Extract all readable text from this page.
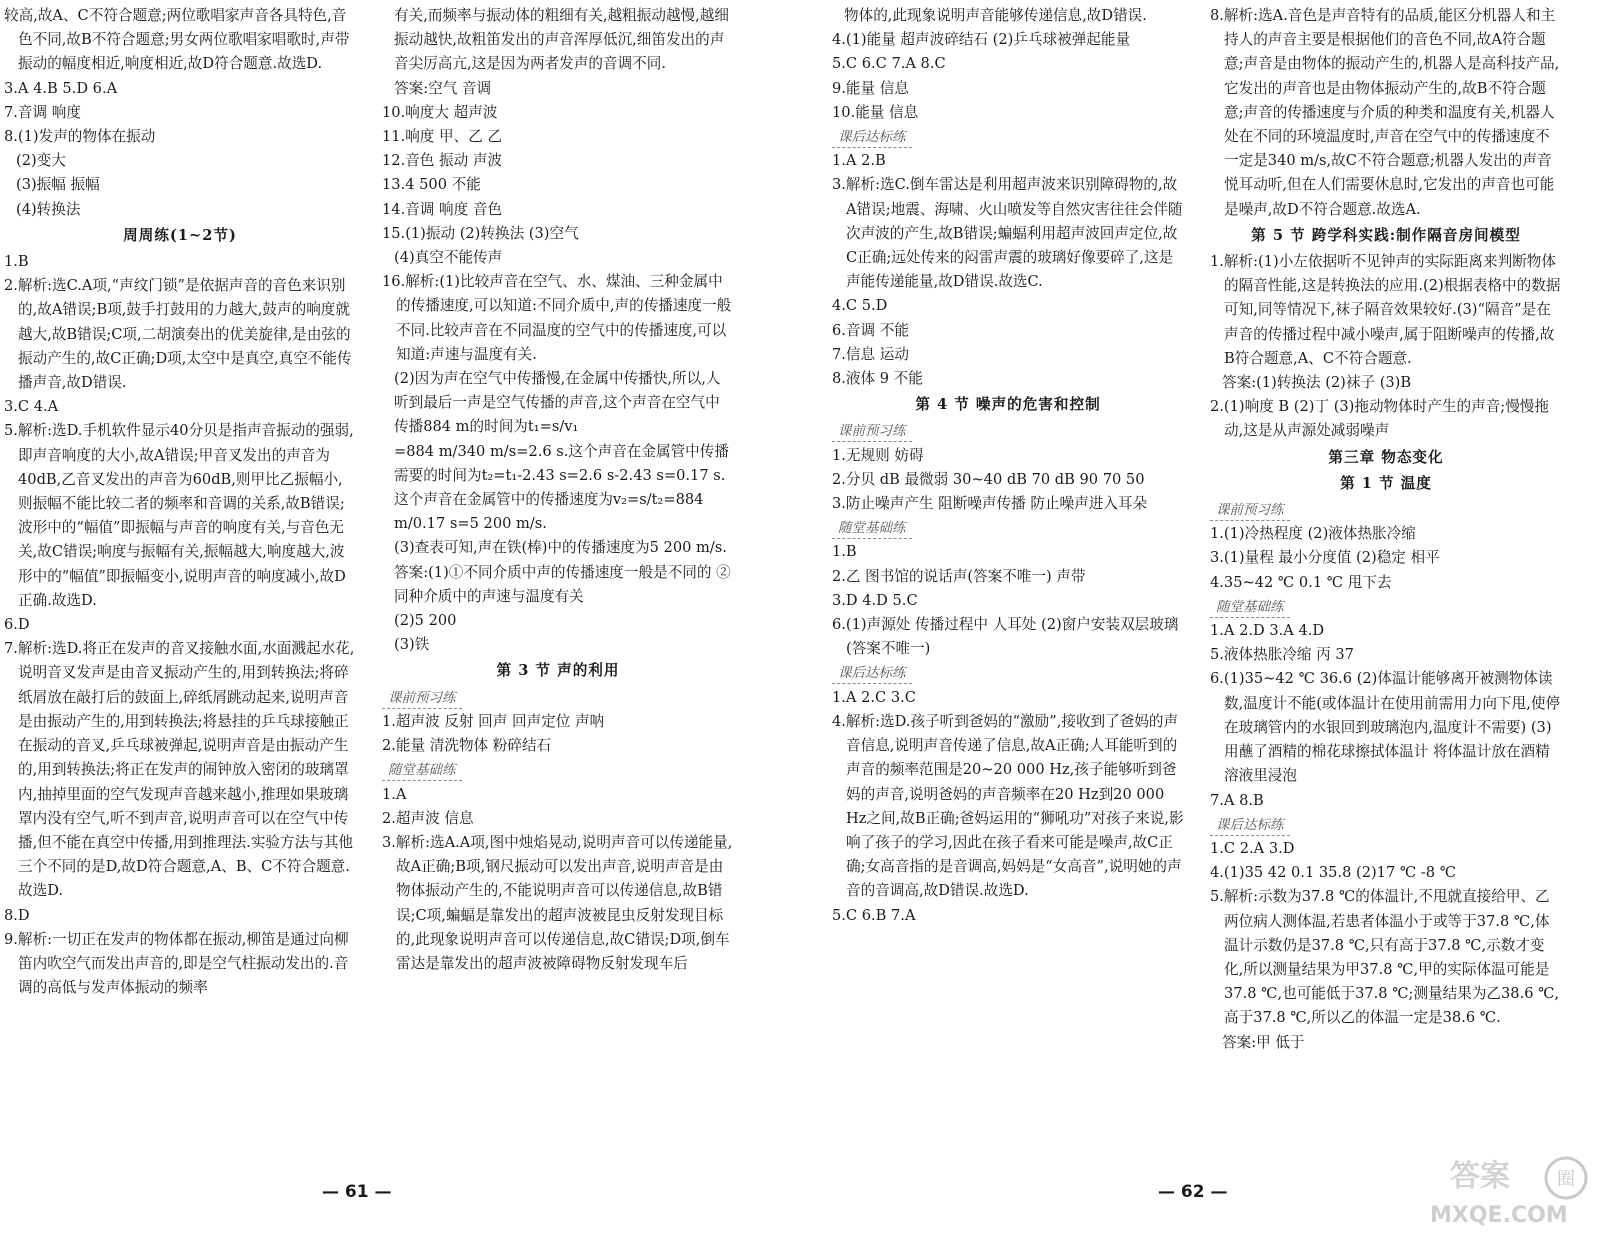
较高,故A、C不符合题意;两位歌唱家声音各具特色,音色不同,故B不符合题意;男女两位歌唱家唱歌时,声带振动的幅度相近,响度相近,故D符合题意.故选D.

3.A 4.B 5.D 6.A

7.音调 响度

8.(1)发声的物体在振动

(2)变大

(3)振幅 振幅

(4)转换法

周周练(1~2节)

1.B

2.解析:选C.A项,“声纹门锁”是依据声音的音色来识别的,故A错误;B项,鼓手打鼓用的力越大,鼓声的响度就越大,故B错误;C项,二胡演奏出的优美旋律,是由弦的振动产生的,故C正确;D项,太空中是真空,真空不能传播声音,故D错误.

3.C 4.A

5.解析:选D.手机软件显示40分贝是指声音振动的强弱,即声音响度的大小,故A错误;甲音叉发出的声音为40dB,乙音叉发出的声音为60dB,则甲比乙振幅小,则振幅不能比较二者的频率和音调的关系,故B错误;波形中的“幅值”即振幅与声音的响度有关,与音色无关,故C错误;响度与振幅有关,振幅越大,响度越大,波形中的“幅值”即振幅变小,说明声音的响度减小,故D正确.故选D.

6.D

7.解析:选D.将正在发声的音叉接触水面,水面溅起水花,说明音叉发声是由音叉振动产生的,用到转换法;将碎纸屑放在敲打后的鼓面上,碎纸屑跳动起来,说明声音是由振动产生的,用到转换法;将悬挂的乒乓球接触正在振动的音叉,乒乓球被弹起,说明声音是由振动产生的,用到转换法;将正在发声的闹钟放入密闭的玻璃罩内,抽掉里面的空气发现声音越来越小,推理如果玻璃罩内没有空气,听不到声音,说明声音可以在空气中传播,但不能在真空中传播,用到推理法.实验方法与其他三个不同的是D,故D符合题意,A、B、C不符合题意.故选D.

8.D

9.解析:一切正在发声的物体都在振动,柳笛是通过向柳笛内吹空气而发出声音的,即是空气柱振动发出的.音调的高低与发声体振动的频率

有关,而频率与振动体的粗细有关,越粗振动越慢,越细振动越快,故粗笛发出的声音浑厚低沉,细笛发出的声音尖厉高亢,这是因为两者发声的音调不同.

答案:空气 音调

10.响度大 超声波

11.响度 甲、乙 乙

12.音色 振动 声波

13.4 500 不能

14.音调 响度 音色

15.(1)振动 (2)转换法 (3)空气

(4)真空不能传声

16.解析:(1)比较声音在空气、水、煤油、三种金属中的传播速度,可以知道:不同介质中,声的传播速度一般不同.比较声音在不同温度的空气中的传播速度,可以知道:声速与温度有关.

(2)因为声在空气中传播慢,在金属中传播快,所以,人听到最后一声是空气传播的声音,这个声音在空气中传播884 m的时间为t₁=s/v₁

=884 m/340 m/s=2.6 s.这个声音在金属管中传播需要的时间为t₂=t₁-2.43 s=2.6 s-2.43 s=0.17 s.这个声音在金属管中的传播速度为v₂=s/t₂=884 m/0.17 s=5 200 m/s.

(3)查表可知,声在铁(棒)中的传播速度为5 200 m/s.

答案:(1)①不同介质中声的传播速度一般是不同的 ②同种介质中的声速与温度有关

(2)5 200

(3)铁

第 3 节 声的利用

课前预习练

1.超声波 反射 回声 回声定位 声呐

2.能量 清洗物体 粉碎结石

随堂基础练

1.A

2.超声波 信息

3.解析:选A.A项,图中烛焰晃动,说明声音可以传递能量,故A正确;B项,钢尺振动可以发出声音,说明声音是由物体振动产生的,不能说明声音可以传递信息,故B错误;C项,蝙蝠是靠发出的超声波被昆虫反射发现目标的,此现象说明声音可以传递信息,故C错误;D项,倒车雷达是靠发出的超声波被障碍物反射发现车后

物体的,此现象说明声音能够传递信息,故D错误.

4.(1)能量 超声波碎结石 (2)乒乓球被弹起能量

5.C 6.C 7.A 8.C

9.能量 信息

10.能量 信息

课后达标练

1.A 2.B

3.解析:选C.倒车雷达是利用超声波来识别障碍物的,故A错误;地震、海啸、火山喷发等自然灾害往往会伴随次声波的产生,故B错误;蝙蝠利用超声波回声定位,故C正确;远处传来的闷雷声震的玻璃好像要碎了,这是声能传递能量,故D错误.故选C.

4.C 5.D

6.音调 不能

7.信息 运动

8.液体 9 不能

第 4 节 噪声的危害和控制

课前预习练

1.无规则 妨碍

2.分贝 dB 最微弱 30~40 dB 70 dB 90 70 50

3.防止噪声产生 阻断噪声传播 防止噪声进入耳朵

随堂基础练

1.B

2.乙 图书馆的说话声(答案不唯一) 声带

3.D 4.D 5.C

6.(1)声源处 传播过程中 人耳处 (2)窗户安装双层玻璃(答案不唯一)

课后达标练

1.A 2.C 3.C

4.解析:选D.孩子听到爸妈的“激励”,接收到了爸妈的声音信息,说明声音传递了信息,故A正确;人耳能听到的声音的频率范围是20~20 000 Hz,孩子能够听到爸妈的声音,说明爸妈的声音频率在20 Hz到20 000 Hz之间,故B正确;爸妈运用的“狮吼功”对孩子来说,影响了孩子的学习,因此在孩子看来可能是噪声,故C正确;女高音指的是音调高,妈妈是“女高音”,说明她的声音的音调高,故D错误.故选D.

5.C 6.B 7.A

8.解析:选A.音色是声音特有的品质,能区分机器人和主持人的声音主要是根据他们的音色不同,故A符合题意;声音是由物体的振动产生的,机器人是高科技产品,它发出的声音也是由物体振动产生的,故B不符合题意;声音的传播速度与介质的种类和温度有关,机器人处在不同的环境温度时,声音在空气中的传播速度不一定是340 m/s,故C不符合题意;机器人发出的声音悦耳动听,但在人们需要休息时,它发出的声音也可能是噪声,故D不符合题意.故选A.

第 5 节 跨学科实践:制作隔音房间模型

1.解析:(1)小左依据听不见钟声的实际距离来判断物体的隔音性能,这是转换法的应用.(2)根据表格中的数据可知,同等情况下,袜子隔音效果较好.(3)“隔音”是在声音的传播过程中减小噪声,属于阻断噪声的传播,故B符合题意,A、C不符合题意.

答案:(1)转换法 (2)袜子 (3)B

2.(1)响度 B (2)丁 (3)拖动物体时产生的声音;慢慢拖动,这是从声源处减弱噪声

第三章 物态变化

第 1 节 温度

课前预习练

1.(1)冷热程度 (2)液体热胀冷缩

3.(1)量程 最小分度值 (2)稳定 相平

4.35~42 ℃ 0.1 ℃ 甩下去

随堂基础练

1.A 2.D 3.A 4.D

5.液体热胀冷缩 丙 37

6.(1)35~42 ℃ 36.6 (2)体温计能够离开被测物体读数,温度计不能(或体温计在使用前需用力向下甩,使停在玻璃管内的水银回到玻璃泡内,温度计不需要) (3)用蘸了酒精的棉花球擦拭体温计 将体温计放在酒精溶液里浸泡

7.A 8.B

课后达标练

1.C 2.A 3.D

4.(1)35 42 0.1 35.8 (2)17 ℃ -8 ℃

5.解析:示数为37.8 ℃的体温计,不甩就直接给甲、乙两位病人测体温,若患者体温小于或等于37.8 ℃,体温计示数仍是37.8 ℃,只有高于37.8 ℃,示数才变化,所以测量结果为甲37.8 ℃,甲的实际体温可能是37.8 ℃,也可能低于37.8 ℃;测量结果为乙38.6 ℃,高于37.8 ℃,所以乙的体温一定是38.6 ℃.

答案:甲 低于

— 61 —	— 62 —
圈
答案
MXQE.COM
